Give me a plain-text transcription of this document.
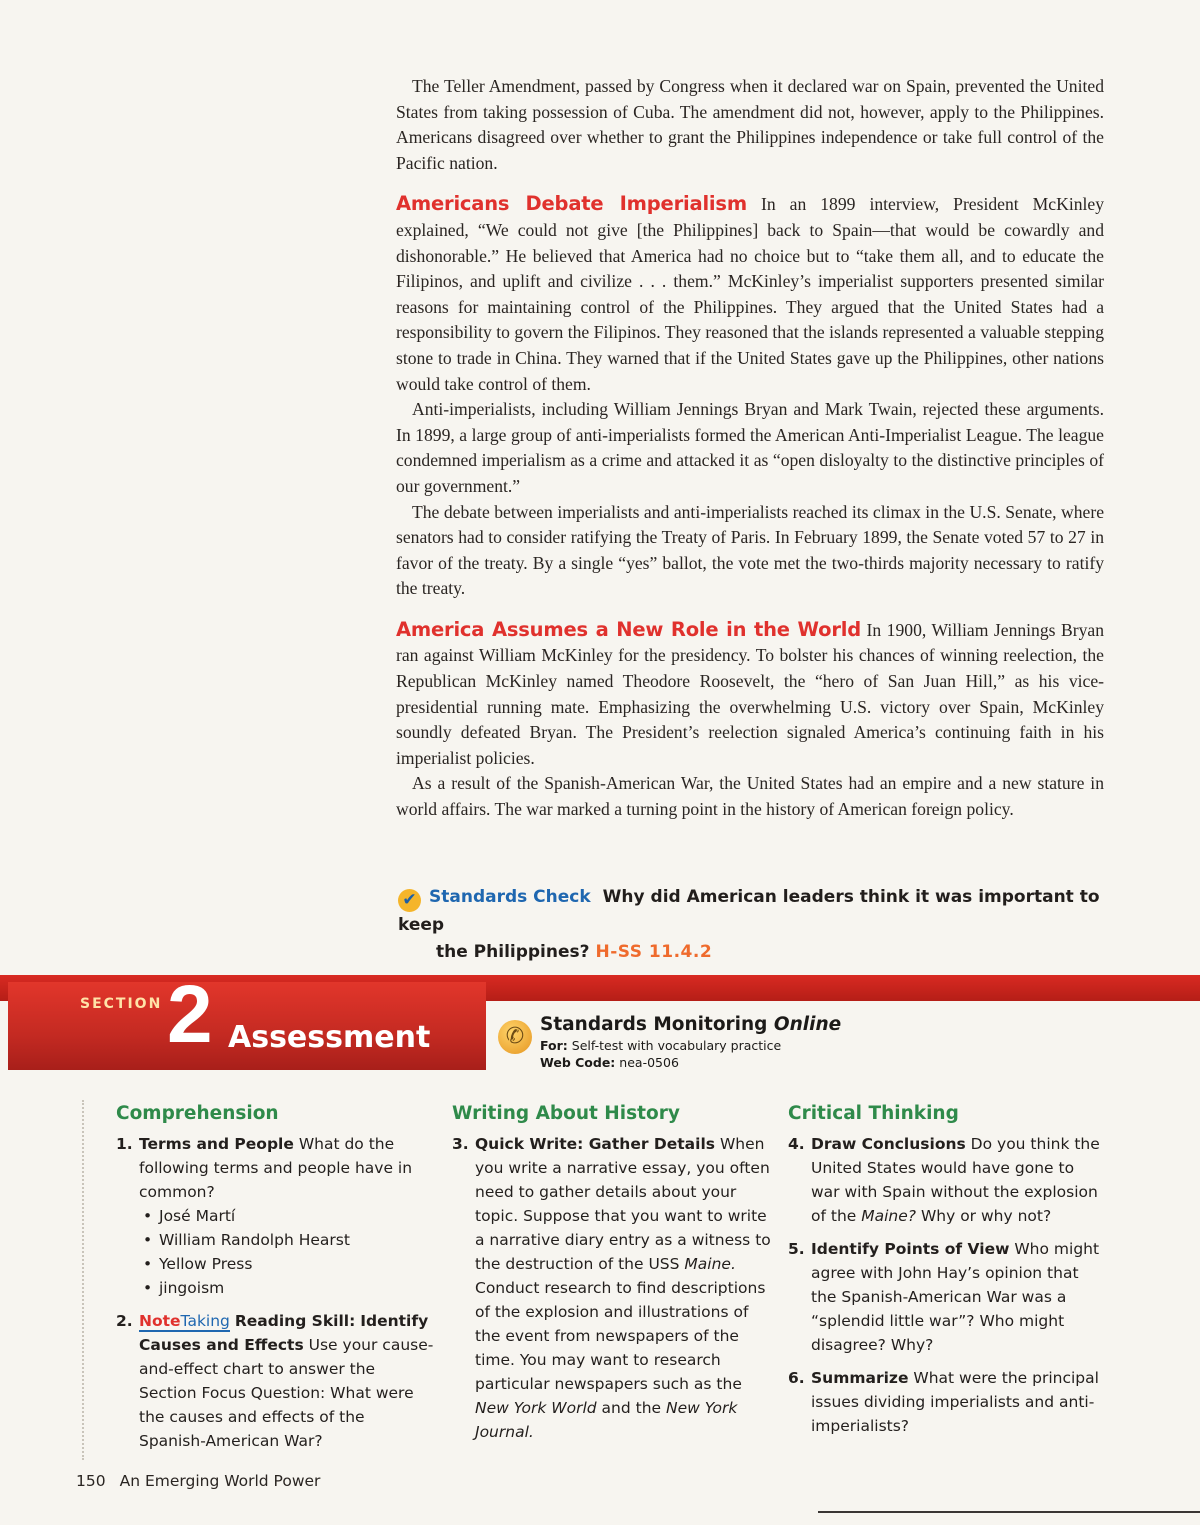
The Teller Amendment, passed by Congress when it declared war on Spain, prevented the United States from taking possession of Cuba. The amendment did not, however, apply to the Philippines. Americans disagreed over whether to grant the Philippines independence or take full control of the Pacific nation.

Americans Debate Imperialism In an 1899 interview, President McKinley explained, “We could not give [the Philippines] back to Spain—that would be cowardly and dishonorable.” He believed that America had no choice but to “take them all, and to educate the Filipinos, and uplift and civilize . . . them.” McKinley’s imperialist supporters presented similar reasons for maintaining control of the Philippines. They argued that the United States had a responsibility to govern the Filipinos. They reasoned that the islands represented a valuable stepping stone to trade in China. They warned that if the United States gave up the Philippines, other nations would take control of them.

Anti-imperialists, including William Jennings Bryan and Mark Twain, rejected these arguments. In 1899, a large group of anti-imperialists formed the American Anti-Imperialist League. The league condemned imperialism as a crime and attacked it as “open disloyalty to the distinctive principles of our government.”

The debate between imperialists and anti-imperialists reached its climax in the U.S. Senate, where senators had to consider ratifying the Treaty of Paris. In February 1899, the Senate voted 57 to 27 in favor of the treaty. By a single “yes” ballot, the vote met the two-thirds majority necessary to ratify the treaty.

America Assumes a New Role in the World In 1900, William Jennings Bryan ran against William McKinley for the presidency. To bolster his chances of winning reelection, the Republican McKinley named Theodore Roosevelt, the “hero of San Juan Hill,” as his vice-presidential running mate. Emphasizing the overwhelming U.S. victory over Spain, McKinley soundly defeated Bryan. The President’s reelection signaled America’s continuing faith in his imperialist policies.

As a result of the Spanish-American War, the United States had an empire and a new stature in world affairs. The war marked a turning point in the history of American foreign policy.

✔ Standards Check Why did American leaders think it was important to keep
the Philippines? H-SS 11.4.2
SECTION 2 Assessment	✆ Standards Monitoring Online
For: Self-test with vocabulary practice
Web Code: nea-0506
Comprehension
1. Terms and People What do the following terms and people have in common?
• José Martí
• William Randolph Hearst
• Yellow Press
• jingoism
2. NoteTaking Reading Skill: Identify Causes and Effects Use your cause-and-effect chart to answer the Section Focus Question: What were the causes and effects of the Spanish-American War?
Writing About History
3. Quick Write: Gather Details When you write a narrative essay, you often need to gather details about your topic. Suppose that you want to write a narrative diary entry as a witness to the destruction of the USS Maine. Conduct research to find descriptions of the explosion and illustrations of the event from newspapers of the time. You may want to research particular newspapers such as the New York World and the New York Journal.
Critical Thinking
4. Draw Conclusions Do you think the United States would have gone to war with Spain without the explosion of the Maine? Why or why not?
5. Identify Points of View Who might agree with John Hay’s opinion that the Spanish-American War was a “splendid little war”? Who might disagree? Why?
6. Summarize What were the principal issues dividing imperialists and anti-imperialists?
150 An Emerging World Power
